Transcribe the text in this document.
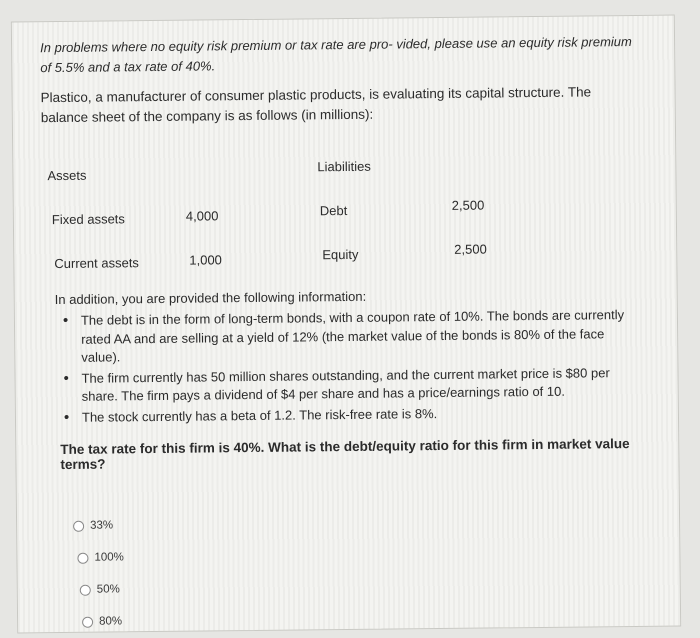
In problems where no equity risk premium or tax rate are pro- vided, please use an equity risk premium of 5.5% and a tax rate of 40%.
Plastico, a manufacturer of consumer plastic products, is evaluating its capital structure. The balance sheet of the company is as follows (in millions):
Assets
Liabilities
Fixed assets	4,000	Debt	2,500
Current assets	1,000	Equity	2,500
In addition, you are provided the following information:
• The debt is in the form of long-term bonds, with a coupon rate of 10%. The bonds are currently rated AA and are selling at a yield of 12% (the market value of the bonds is 80% of the face value).
• The firm currently has 50 million shares outstanding, and the current market price is $80 per share. The firm pays a dividend of $4 per share and has a price/earnings ratio of 10.
• The stock currently has a beta of 1.2. The risk-free rate is 8%.
The tax rate for this firm is 40%. What is the debt/equity ratio for this firm in market value terms?
33%
100%
50%
80%
